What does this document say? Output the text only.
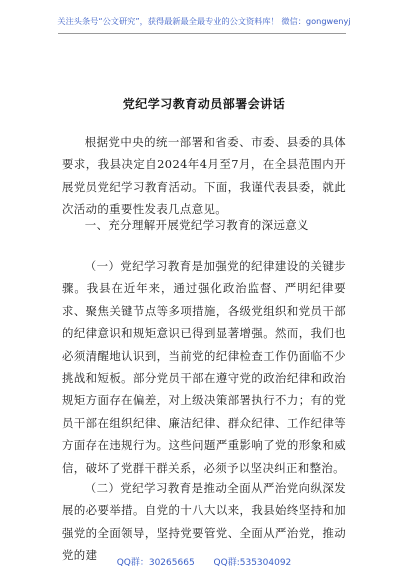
关注头条号“公文研究”，获得最新最全最专业的公文资料库！ 微信：gongwenyj
党纪学习教育动员部署会讲话
根据党中央的统一部署和省委、市委、县委的具体要求，我县决定自2024年4月至7月，在全县范围内开展党员党纪学习教育活动。下面，我谨代表县委，就此次活动的重要性发表几点意见。
一、充分理解开展党纪学习教育的深远意义
（一）党纪学习教育是加强党的纪律建设的关键步骤。我县在近年来，通过强化政治监督、严明纪律要求、聚焦关键节点等多项措施，各级党组织和党员干部的纪律意识和规矩意识已得到显著增强。然而，我们也必须清醒地认识到，当前党的纪律检查工作仍面临不少挑战和短板。部分党员干部在遵守党的政治纪律和政治规矩方面存在偏差，对上级决策部署执行不力；有的党员干部在组织纪律、廉洁纪律、群众纪律、工作纪律等方面存在违规行为。这些问题严重影响了党的形象和威信，破坏了党群干群关系，必须予以坚决纠正和整治。
（二）党纪学习教育是推动全面从严治党向纵深发展的必要举措。自党的十八大以来，我县始终坚持和加强党的全面领导，坚持党要管党、全面从严治党，推动党的建
QQ群：30265665 QQ群:535304092
